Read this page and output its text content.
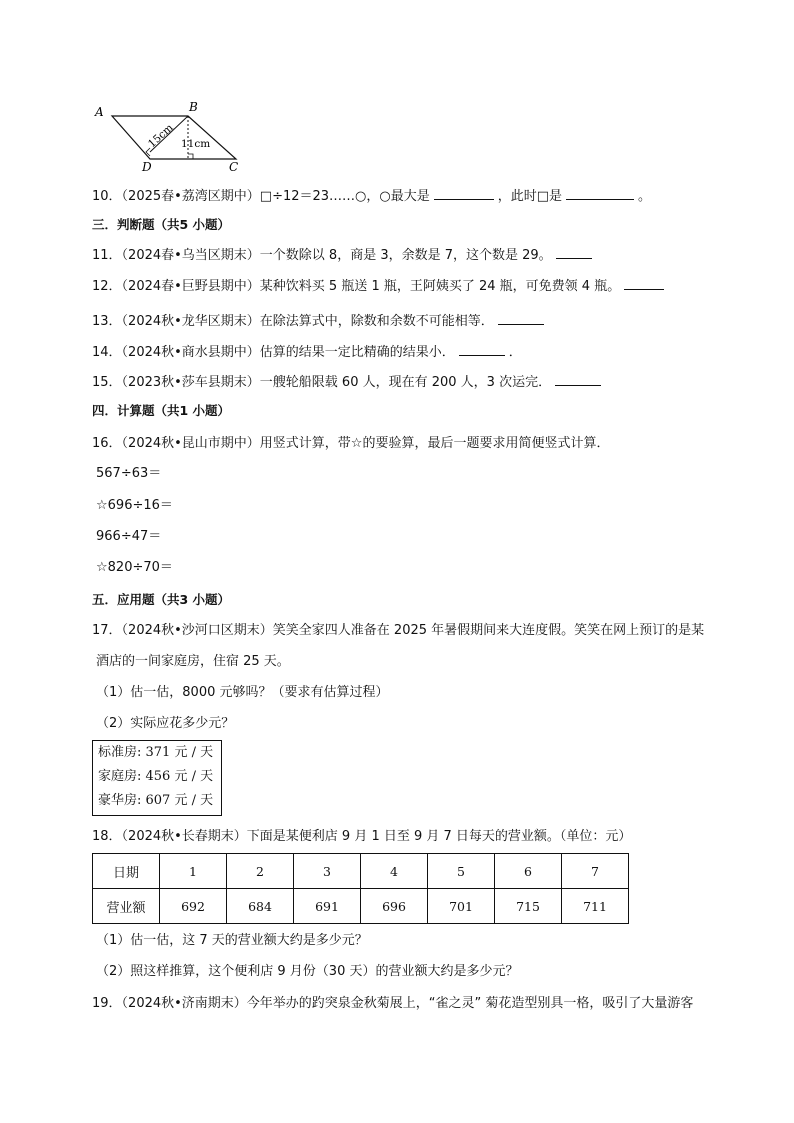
A	B
C
D
15cm 11cm
10．（2025春•荔湾区期中）□÷12＝23……○，○最大是	，此时□是	。
三．判断题（共5 小题）
11．（2024春•乌当区期末）一个数除以 8，商是 3，余数是 7，这个数是 29。
12．（2024春•巨野县期中）某种饮料买 5 瓶送 1 瓶，王阿姨买了 24 瓶，可免费领 4 瓶。
13．（2024秋•龙华区期末）在除法算式中，除数和余数不可能相等．
14．（2024秋•商水县期中）估算的结果一定比精确的结果小．	．
15．（2023秋•莎车县期末）一艘轮船限载 60 人，现在有 200 人，3 次运完．
四．计算题（共1 小题）
16．（2024秋•昆山市期中）用竖式计算，带☆的要验算，最后一题要求用简便竖式计算．
567÷63＝
☆696÷16＝
966÷47＝
☆820÷70＝
五．应用题（共3 小题）
17．（2024秋•沙河口区期末）笑笑全家四人准备在 2025 年暑假期间来大连度假。笑笑在网上预订的是某
酒店的一间家庭房，住宿 25 天。
（1）估一估，8000 元够吗？（要求有估算过程）
（2）实际应花多少元？
标准房: 371 元 / 天
家庭房: 456 元 / 天
豪华房: 607 元 / 天
18．（2024秋•长春期末）下面是某便利店 9 月 1 日至 9 月 7 日每天的营业额。（单位：元）
日期	1	2	3	4	5	6	7
营业额	692	684	691	696	701	715	711
（1）估一估，这 7 天的营业额大约是多少元？
（2）照这样推算，这个便利店 9 月份（30 天）的营业额大约是多少元？
19．（2024秋•济南期末）今年举办的趵突泉金秋菊展上，“雀之灵” 菊花造型别具一格，吸引了大量游客
